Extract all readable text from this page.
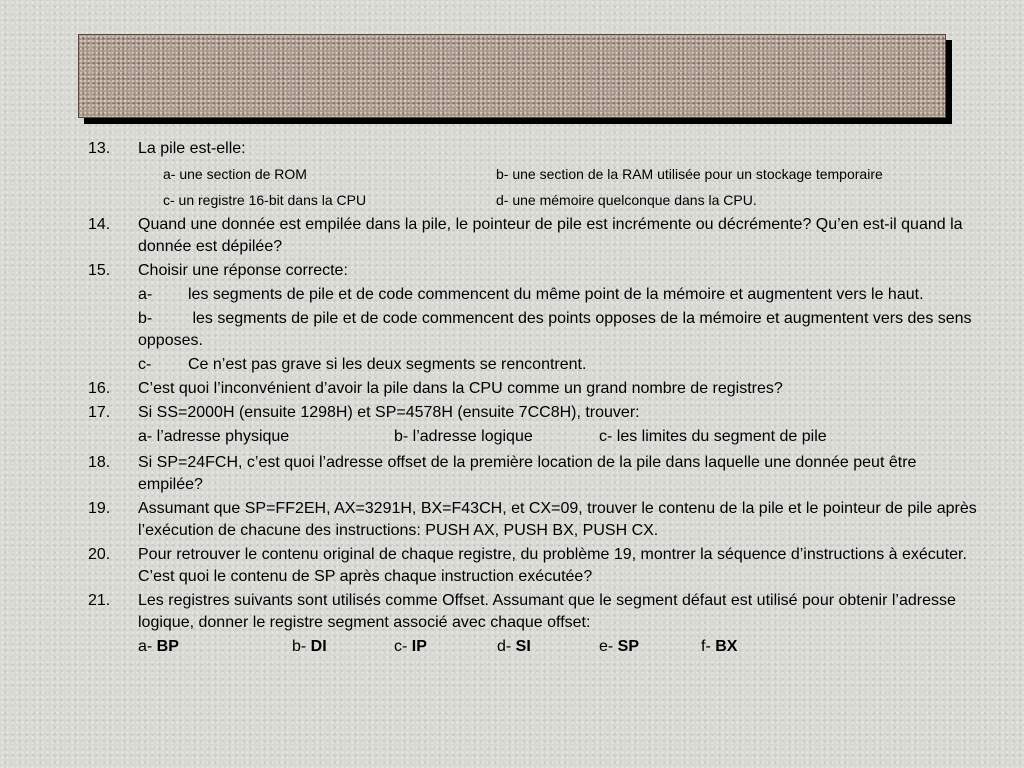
13. La pile est-elle:
a- une section de ROM	b- une section de la RAM utilisée pour un stockage temporaire
c- un registre 16-bit dans la CPU	d- une mémoire quelconque dans la CPU.
14. Quand une donnée est empilée dans la pile, le pointeur de pile est incrémente ou décrémente? Qu’en est-il quand la donnée est dépilée?
15. Choisir une réponse correcte:
a- les segments de pile et de code commencent du même point de la mémoire et augmentent vers le haut.
b- les segments de pile et de code commencent des points opposes de la mémoire et augmentent vers des sens opposes.
c- Ce n’est pas grave si les deux segments se rencontrent.
16. C’est quoi l’inconvénient d’avoir la pile dans la CPU comme un grand nombre de registres?
17. Si SS=2000H (ensuite 1298H) et SP=4578H (ensuite 7CC8H), trouver:
a- l’adresse physique	b- l’adresse logique	c- les limites du segment de pile
18. Si SP=24FCH, c’est quoi l’adresse offset de la première location de la pile dans laquelle une donnée peut être empilée?
19. Assumant que SP=FF2EH, AX=3291H, BX=F43CH, et CX=09, trouver le contenu de la pile et le pointeur de pile après l’exécution de chacune des instructions: PUSH AX, PUSH BX, PUSH CX.
20. Pour retrouver le contenu original de chaque registre, du problème 19, montrer la séquence d’instructions à exécuter. C’est quoi le contenu de SP après chaque instruction exécutée?
21. Les registres suivants sont utilisés comme Offset. Assumant que le segment défaut est utilisé pour obtenir l’adresse logique, donner le registre segment associé avec chaque offset:
a- BP	b- DI	c- IP	d- SI	e- SP	f- BX
